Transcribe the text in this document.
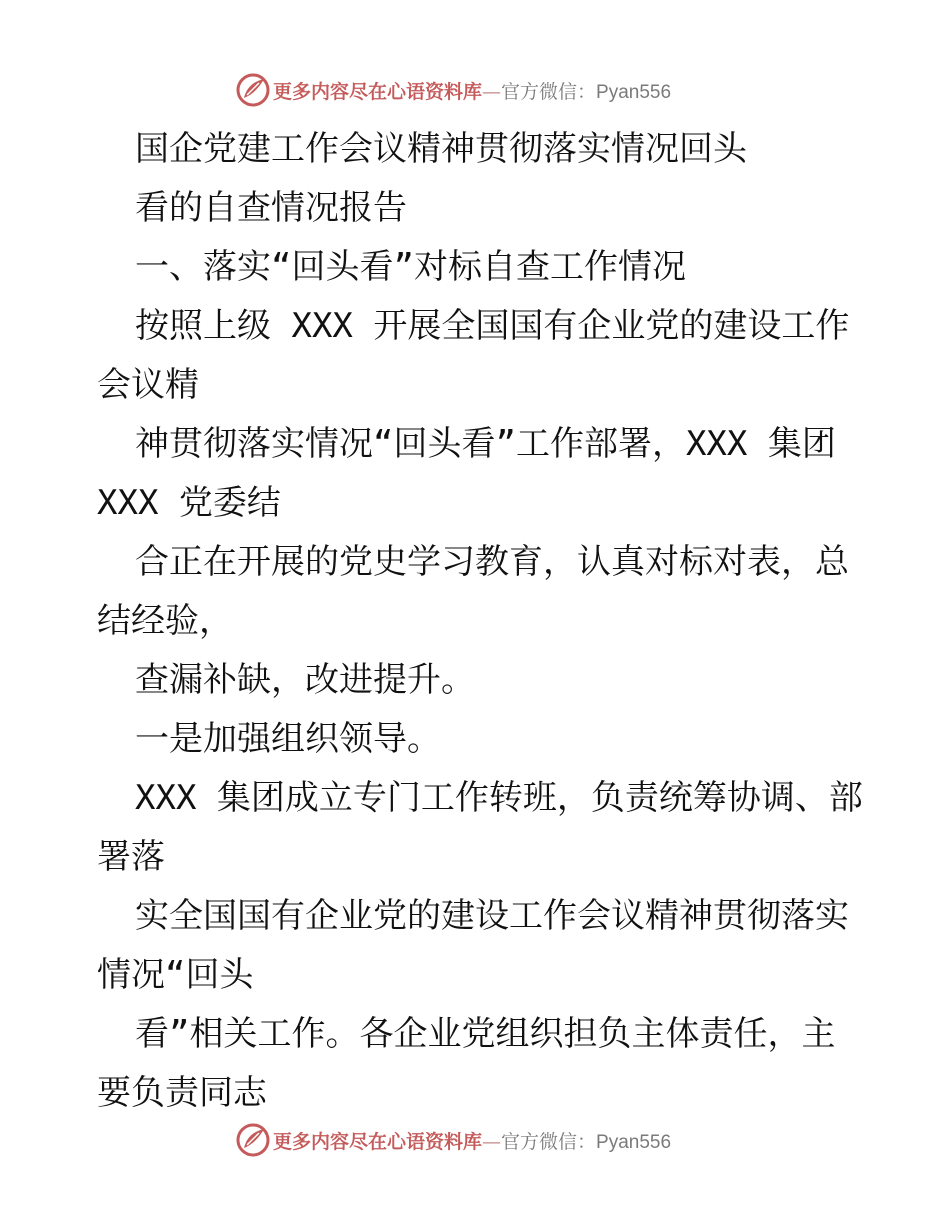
更多内容尽在心语资料库—官方微信：Pyan556
国企党建工作会议精神贯彻落实情况回头
看的自查情况报告
一、落实“回头看”对标自查工作情况
按照上级 XXX 开展全国国有企业党的建设工作
会议精
神贯彻落实情况“回头看”工作部署，XXX 集团
XXX 党委结
合正在开展的党史学习教育，认真对标对表，总
结经验，
查漏补缺，改进提升。
一是加强组织领导。
XXX 集团成立专门工作转班，负责统筹协调、部
署落
实全国国有企业党的建设工作会议精神贯彻落实
情况“回头
看”相关工作。各企业党组织担负主体责任，主
要负责同志
更多内容尽在心语资料库—官方微信：Pyan556
